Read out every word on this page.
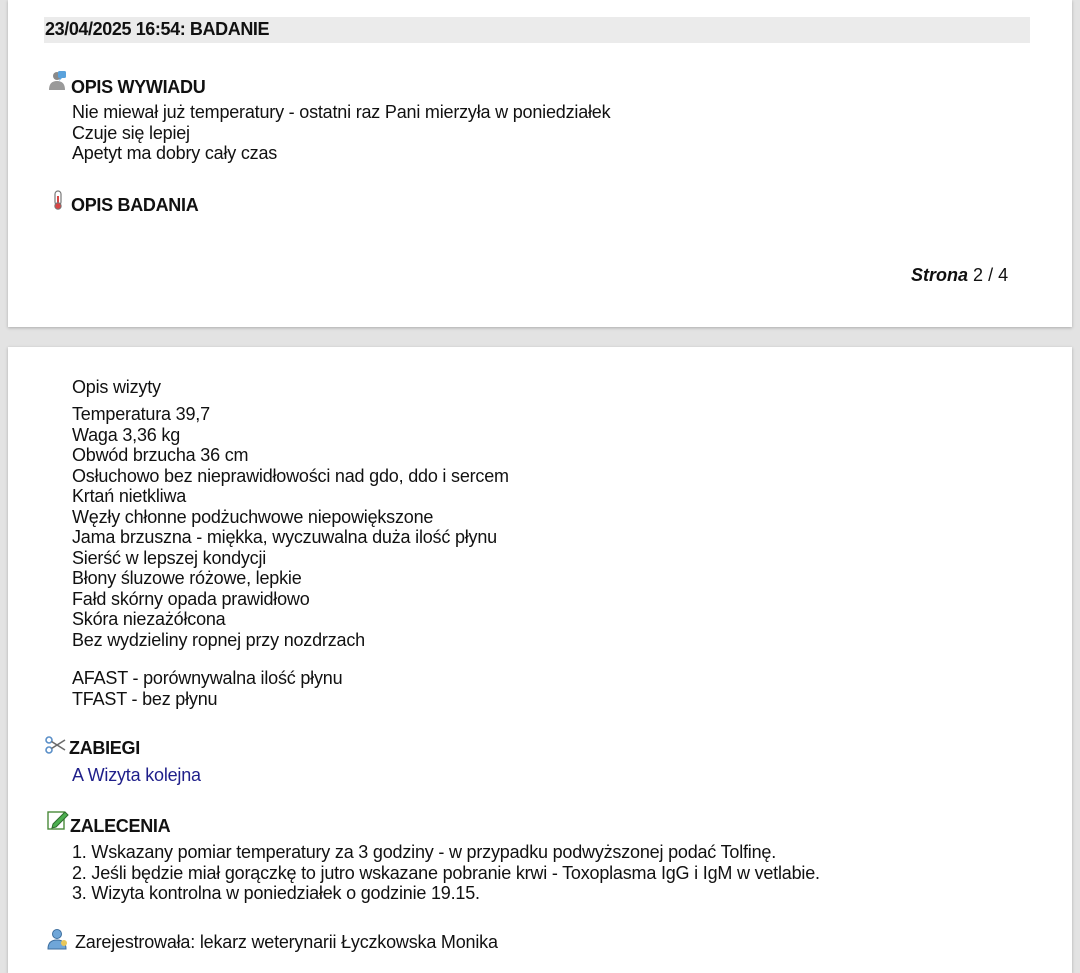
23/04/2025 16:54: BADANIE
OPIS WYWIADU
Nie miewał już temperatury - ostatni raz Pani mierzyła w poniedziałek
Czuje się lepiej
Apetyt ma dobry cały czas
OPIS BADANIA
Strona 2 / 4
Opis wizyty
Temperatura 39,7
Waga 3,36 kg
Obwód brzucha 36 cm
Osłuchowo bez nieprawidłowości nad gdo, ddo i sercem
Krtań nietkliwa
Węzły chłonne podżuchwowe niepowiększone
Jama brzuszna - miękka, wyczuwalna duża ilość płynu
Sierść w lepszej kondycji
Błony śluzowe różowe, lepkie
Fałd skórny opada prawidłowo
Skóra niezażółcona
Bez wydzieliny ropnej przy nozdrzach
AFAST - porównywalna ilość płynu
TFAST - bez płynu
ZABIEGI
A Wizyta kolejna
ZALECENIA
1. Wskazany pomiar temperatury za 3 godziny - w przypadku podwyższonej podać Tolfinę.
2. Jeśli będzie miał gorączkę to jutro wskazane pobranie krwi - Toxoplasma IgG i IgM w vetlabie.
3. Wizyta kontrolna w poniedziałek o godzinie 19.15.
Zarejestrowała: lekarz weterynarii Łyczkowska Monika
